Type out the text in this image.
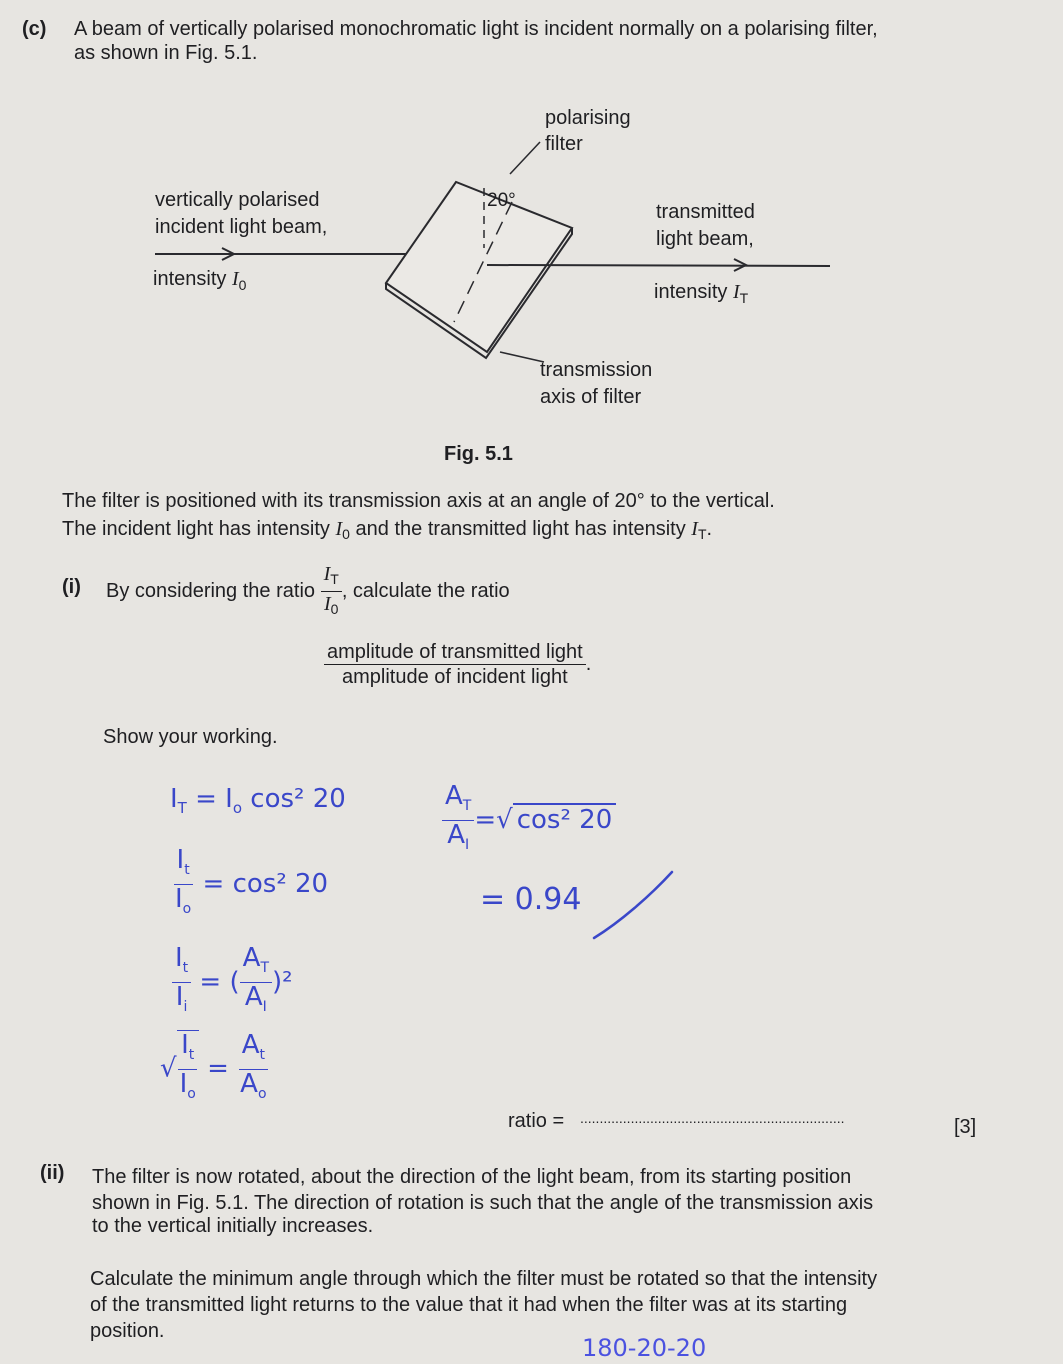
(c) A beam of vertically polarised monochromatic light is incident normally on a polarising filter,
as shown in Fig. 5.1.
polarising
filter
vertically polarised
incident light beam,
intensity $I_0$
20°
transmitted
light beam,
intensity $I_T$
transmission
axis of filter
Fig. 5.1
The filter is positioned with its transmission axis at an angle of 20° to the vertical.
The incident light has intensity $I_0$ and the transmitted light has intensity $I_T$.
(i) By considering the ratio $\frac{I_T}{I_0}$ , calculate the ratio
$\frac{\text{amplitude of transmitted light}}{\text{amplitude of incident light}}$ .
Show your working.
$I_T = I_o$ cos² 20
$\frac{I_t}{I_o} = \cos^2$ 20
$\frac{I_t}{I_i}$ = ( $\frac{A_T}{A_I} )^2$
√ $\frac{I_t}{I_o} = \frac{A_t}{A_o}$
$\frac{A_T}{A_I}$ =√ cos² 20
= 0.94
ratio = ....................................................................	[3]
(ii) The filter is now rotated, about the direction of the light beam, from its starting position
shown in Fig. 5.1. The direction of rotation is such that the angle of the transmission axis
to the vertical initially increases.
Calculate the minimum angle through which the filter must be rotated so that the intensity
of the transmitted light returns to the value that it had when the filter was at its starting
position.
180-20-20
